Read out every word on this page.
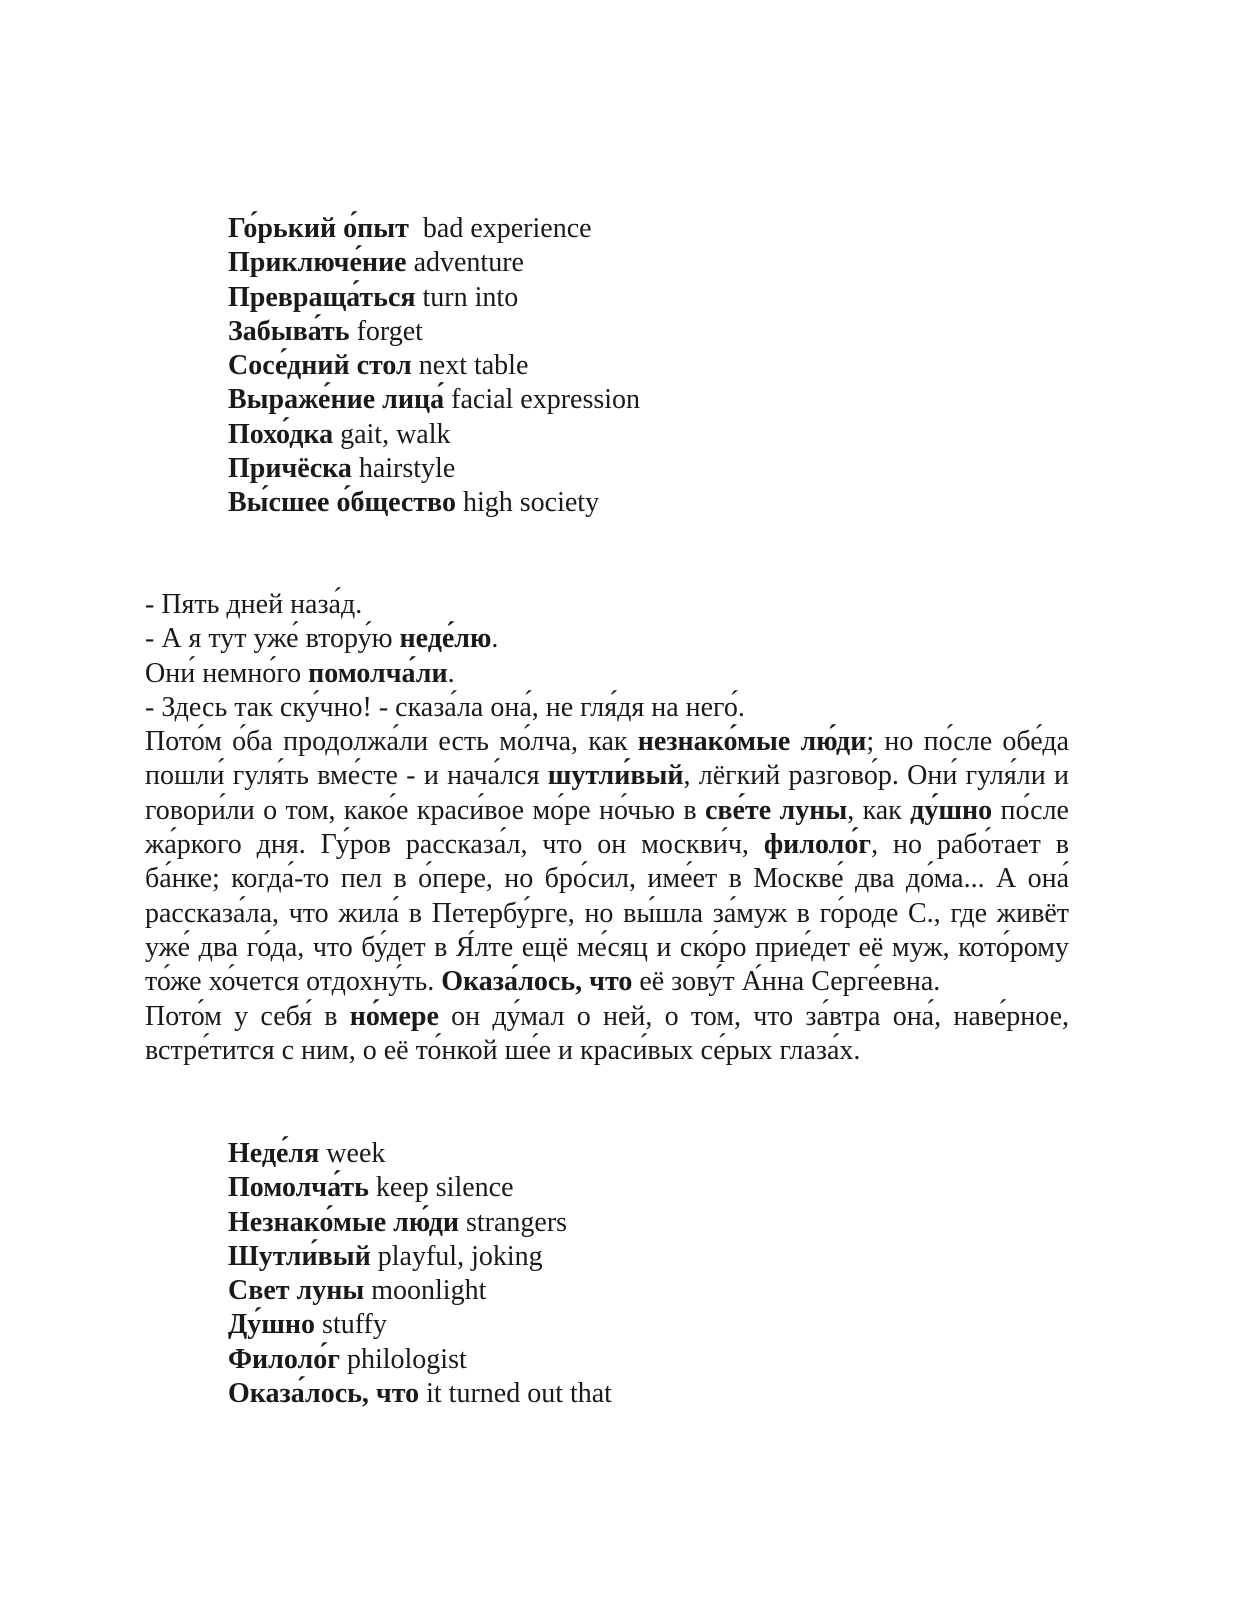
Го́рький о́пыт  bad experience
Приключе́ние adventure
Превраща́ться turn into
Забыва́ть forget
Сосе́дний стол next table
Выраже́ние лица́ facial expression
Похо́дка gait, walk
Причёска hairstyle
Вы́сшее о́бщество high society

- Пять дней наза́д.

- А я тут уже́ втору́ю неде́лю.

Они́ немно́го помолча́ли.

- Здесь так ску́чно! - сказа́ла она́, не гля́дя на него́.

Пото́м о́ба продолжа́ли есть мо́лча, как незнако́мые лю́ди; но по́сле обе́да пошли́ гуля́ть вме́сте - и нача́лся шутли́вый, лёгкий разгово́р. Они́ гуля́ли и говори́ли о том, како́е краси́вое мо́ре но́чью в све́те луны, как ду́шно по́сле жа́ркого дня. Гу́ров рассказа́л, что он москви́ч, филоло́г, но рабо́тает в ба́нке; когда́-то пел в о́пере, но бро́сил, име́ет в Москве́ два до́ма... А она́ рассказа́ла, что жила́ в Петербу́рге, но вы́шла за́муж в го́роде С., где живёт уже́ два го́да, что бу́дет в Я́лте ещё ме́сяц и ско́ро прие́дет её муж, кото́рому то́же хо́чется отдохну́ть. Оказа́лось, что её зову́т А́нна Серге́евна.

Пото́м у себя́ в но́мере он ду́мал о ней, о том, что за́втра она́, наве́рное, встре́тится с ним, о её то́нкой ше́е и краси́вых се́рых глаза́х.

Неде́ля week
Помолча́ть keep silence
Незнако́мые лю́ди strangers
Шутли́вый playful, joking
Свет луны moonlight
Ду́шно stuffy
Филоло́г philologist
Оказа́лось, что it turned out that
